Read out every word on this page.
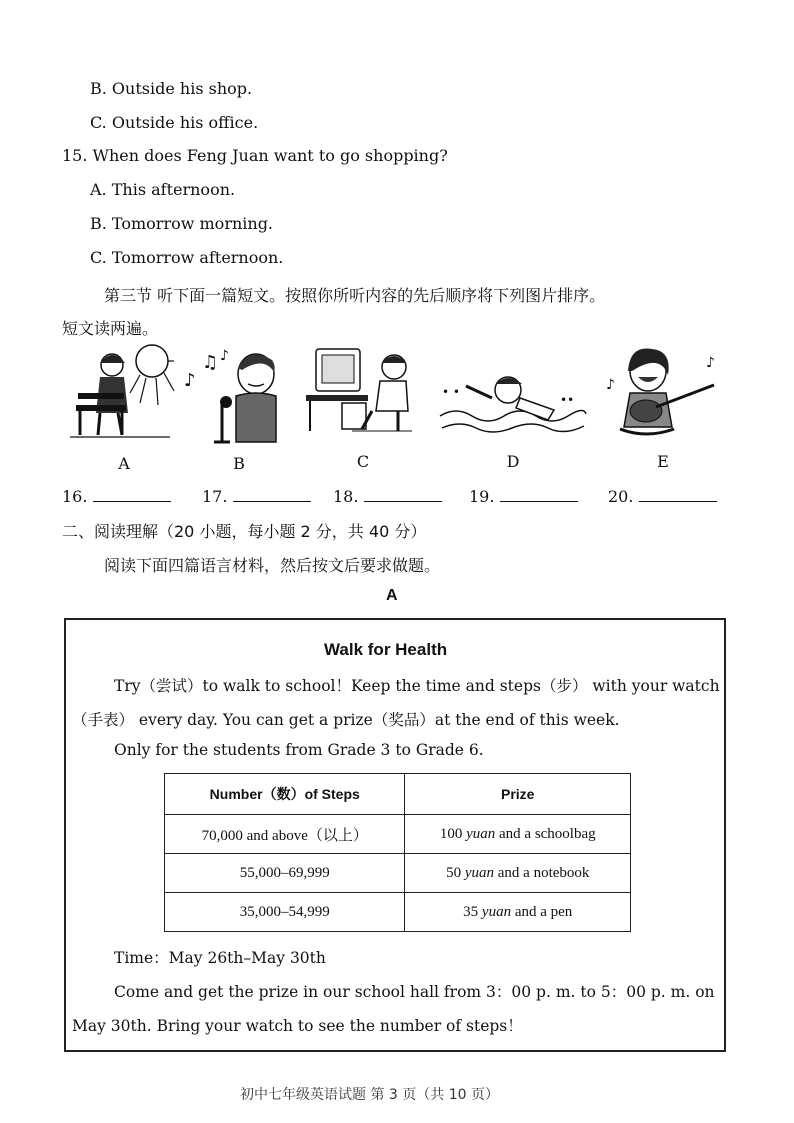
B. Outside his shop.
C. Outside his office.
15. When does Feng Juan want to go shopping?
A. This afternoon.
B. Tomorrow morning.
C. Tomorrow afternoon.
第三节 听下面一篇短文。按照你所听内容的先后顺序将下列图片排序。
短文读两遍。
A
♪
♫ ♪
B	C
• •
••
D
♪
♪
E
16.	17.	18.	19.	20.
二、阅读理解（20 小题，每小题 2 分，共 40 分）
阅读下面四篇语言材料，然后按文后要求做题。
A
Walk for Health
Try（尝试）to walk to school！Keep the time and steps（步） with your watch
（手表） every day. You can get a prize（奖品）at the end of this week.
Only for the students from Grade 3 to Grade 6.
Number（数）of Steps	Prize
70,000 and above（以上）	100 yuan and a schoolbag
55,000–69,999	50 yuan and a notebook
35,000–54,999	35 yuan and a pen
Time：May 26th–May 30th
Come and get the prize in our school hall from 3：00 p. m. to 5：00 p. m. on
May 30th. Bring your watch to see the number of steps！
初中七年级英语试题 第 3 页（共 10 页）
